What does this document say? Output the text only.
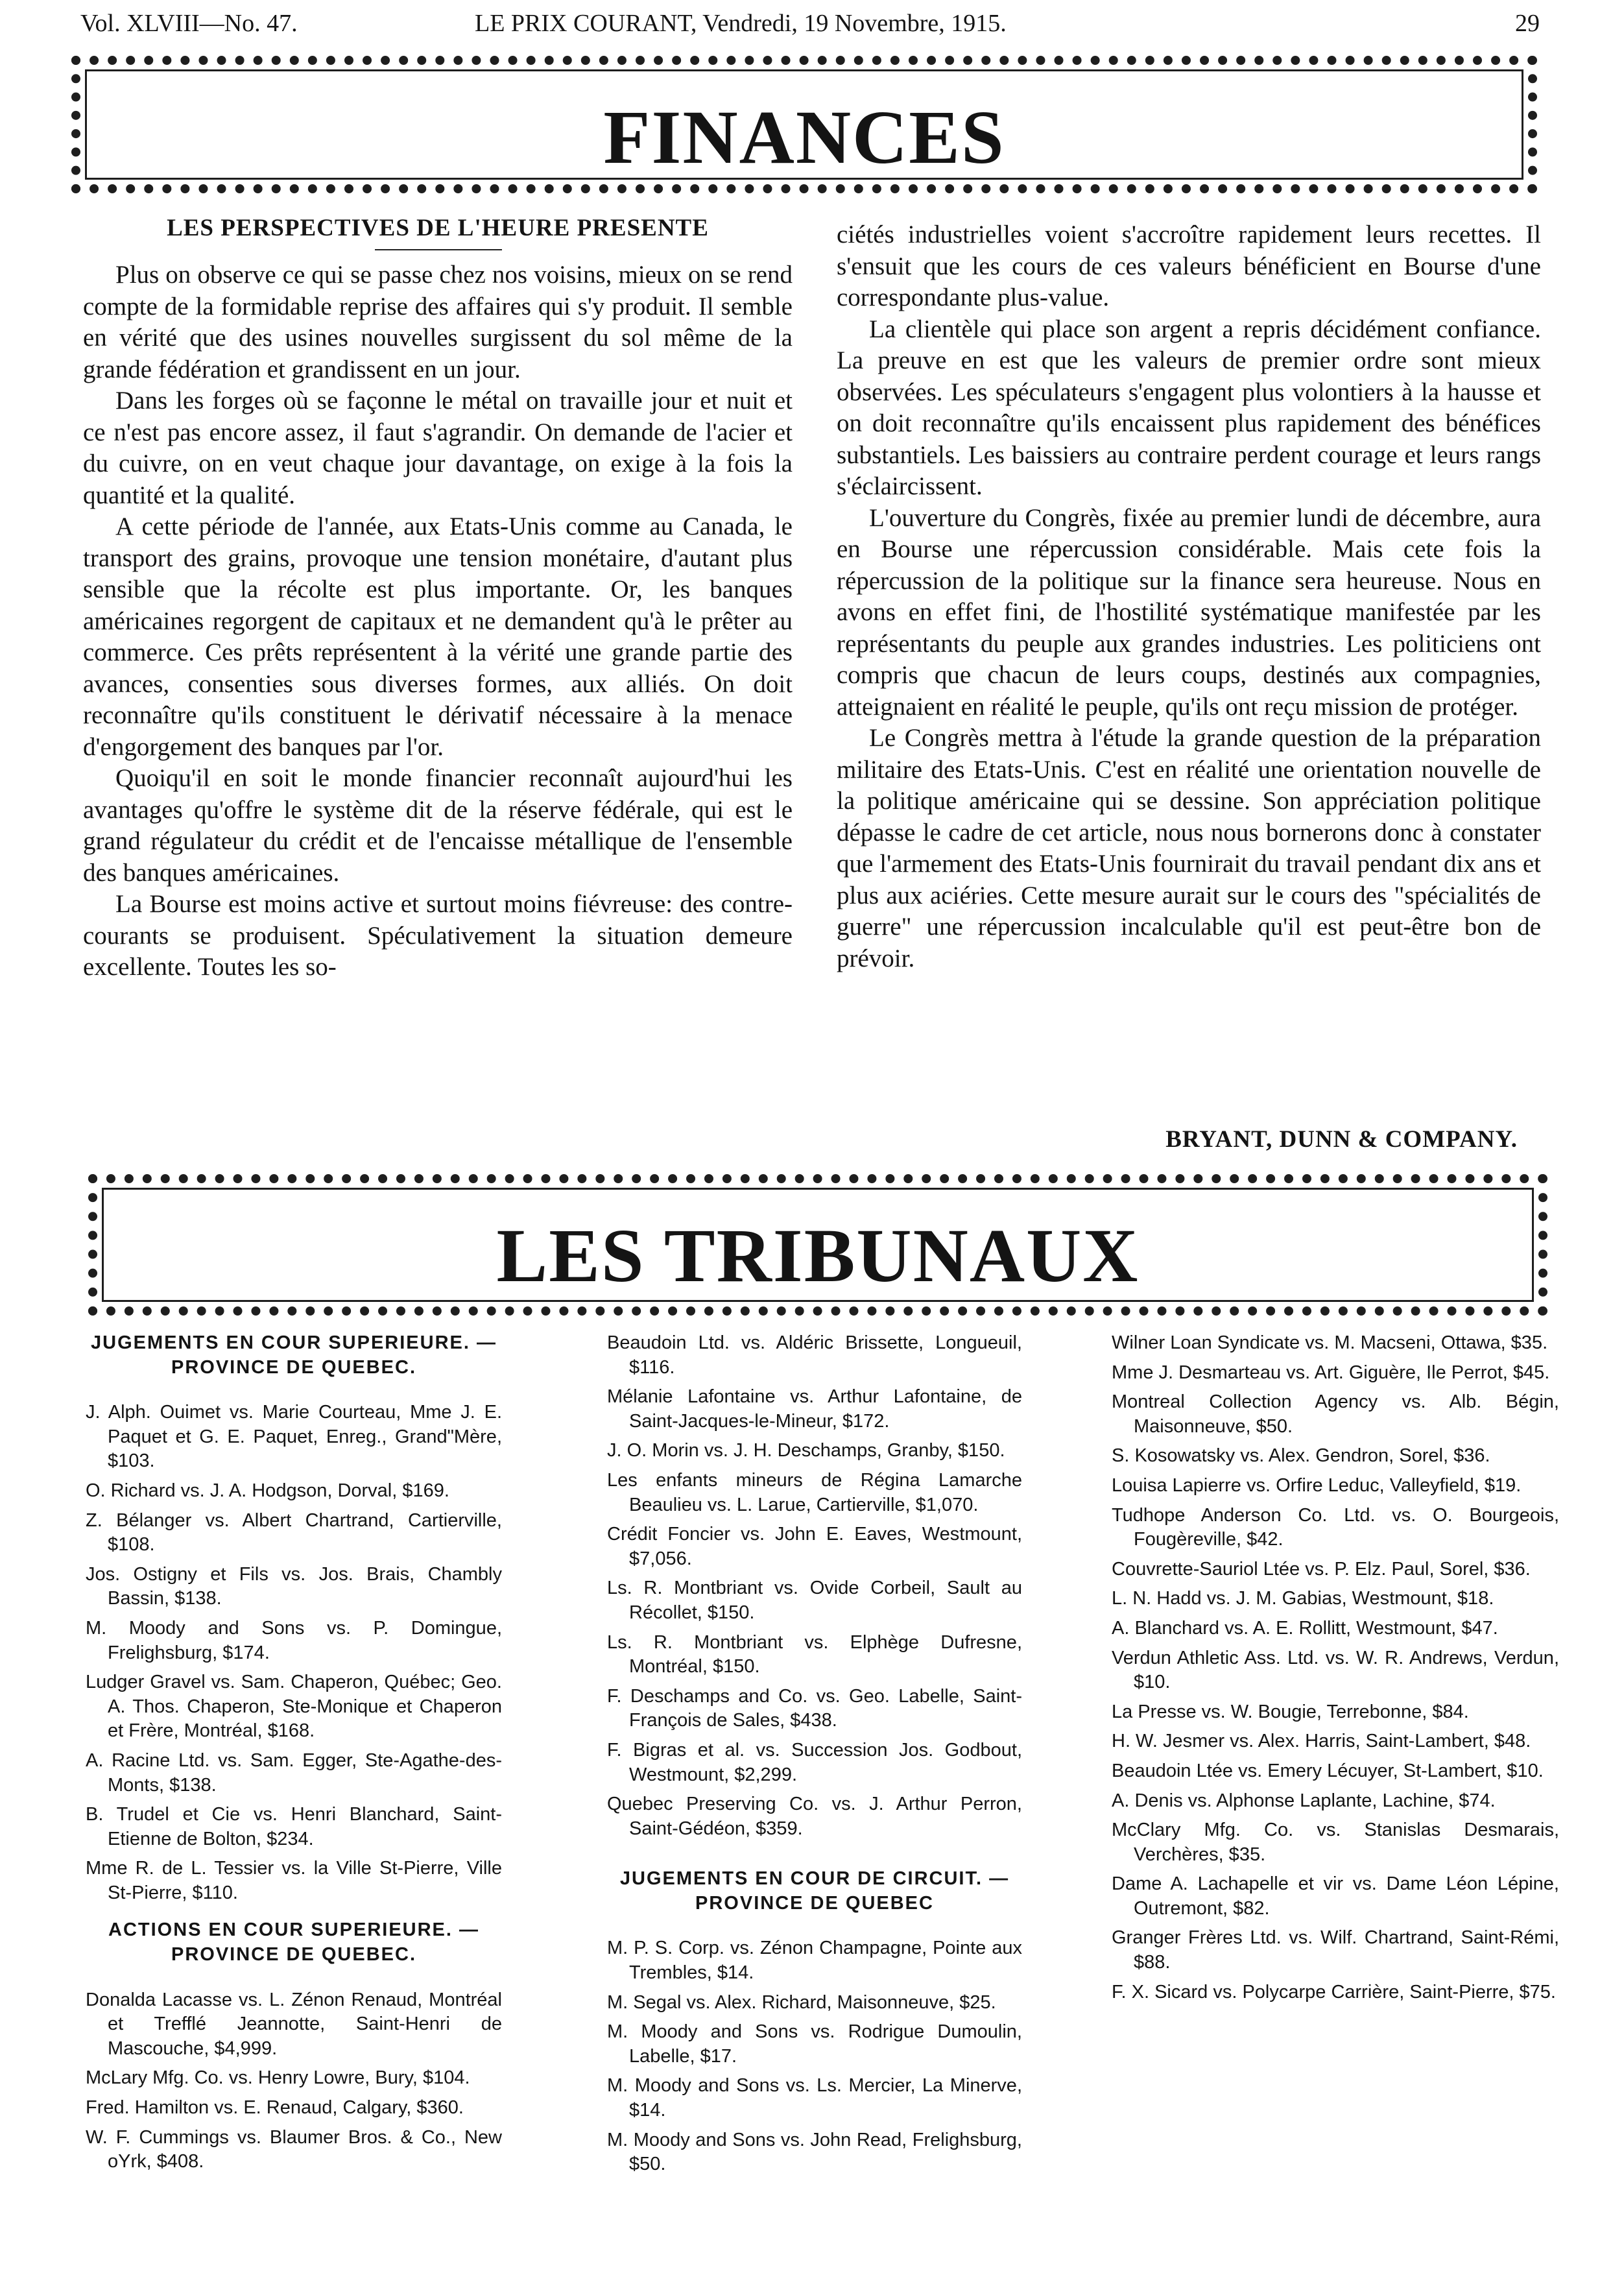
Vol. XLVIII—No. 47.	LE PRIX COURANT, Vendredi, 19 Novembre, 1915.	29
FINANCES
LES PERSPECTIVES DE L'HEURE PRESENTE

Plus on observe ce qui se passe chez nos voisins, mieux on se rend compte de la formidable reprise des affaires qui s'y produit. Il semble en vérité que des usines nouvelles surgissent du sol même de la grande fédération et grandissent en un jour.

Dans les forges où se façonne le métal on travaille jour et nuit et ce n'est pas encore assez, il faut s'agrandir. On demande de l'acier et du cuivre, on en veut chaque jour davantage, on exige à la fois la quantité et la qualité.

A cette période de l'année, aux Etats-Unis comme au Canada, le transport des grains, provoque une tension monétaire, d'autant plus sensible que la récolte est plus importante. Or, les banques américaines regorgent de capitaux et ne demandent qu'à le prêter au commerce. Ces prêts représentent à la vérité une grande partie des avances, consenties sous diverses formes, aux alliés. On doit reconnaître qu'ils constituent le dérivatif nécessaire à la menace d'engorgement des banques par l'or.

Quoiqu'il en soit le monde financier reconnaît aujourd'hui les avantages qu'offre le système dit de la réserve fédérale, qui est le grand régulateur du crédit et de l'encaisse métallique de l'ensemble des banques américaines.

La Bourse est moins active et surtout moins fiévreuse: des contre-courants se produisent. Spéculativement la situation demeure excellente. Toutes les so-

ciétés industrielles voient s'accroître rapidement leurs recettes. Il s'ensuit que les cours de ces valeurs bénéficient en Bourse d'une correspondante plus-value.

La clientèle qui place son argent a repris décidément confiance. La preuve en est que les valeurs de premier ordre sont mieux observées. Les spéculateurs s'engagent plus volontiers à la hausse et on doit reconnaître qu'ils encaissent plus rapidement des bénéfices substantiels. Les baissiers au contraire perdent courage et leurs rangs s'éclaircissent.

L'ouverture du Congrès, fixée au premier lundi de décembre, aura en Bourse une répercussion considérable. Mais cete fois la répercussion de la politique sur la finance sera heureuse. Nous en avons en effet fini, de l'hostilité systématique manifestée par les représentants du peuple aux grandes industries. Les politiciens ont compris que chacun de leurs coups, destinés aux compagnies, atteignaient en réalité le peuple, qu'ils ont reçu mission de protéger.

Le Congrès mettra à l'étude la grande question de la préparation militaire des Etats-Unis. C'est en réalité une orientation nouvelle de la politique américaine qui se dessine. Son appréciation politique dépasse le cadre de cet article, nous nous bornerons donc à constater que l'armement des Etats-Unis fournirait du travail pendant dix ans et plus aux aciéries. Cette mesure aurait sur le cours des "spécialités de guerre" une répercussion incalculable qu'il est peut-être bon de prévoir.

BRYANT, DUNN & COMPANY.
LES TRIBUNAUX
JUGEMENTS EN COUR SUPERIEURE. — PROVINCE DE QUEBEC.
J. Alph. Ouimet vs. Marie Courteau, Mme J. E. Paquet et G. E. Paquet, Enreg., Grand"Mère, $103.
O. Richard vs. J. A. Hodgson, Dorval, $169.
Z. Bélanger vs. Albert Chartrand, Cartierville, $108.
Jos. Ostigny et Fils vs. Jos. Brais, Chambly Bassin, $138.
M. Moody and Sons vs. P. Domingue, Frelighsburg, $174.
Ludger Gravel vs. Sam. Chaperon, Québec; Geo. A. Thos. Chaperon, Ste-Monique et Chaperon et Frère, Montréal, $168.
A. Racine Ltd. vs. Sam. Egger, Ste-Agathe-des-Monts, $138.
B. Trudel et Cie vs. Henri Blanchard, Saint-Etienne de Bolton, $234.
Mme R. de L. Tessier vs. la Ville St-Pierre, Ville St-Pierre, $110.
ACTIONS EN COUR SUPERIEURE. — PROVINCE DE QUEBEC.
Donalda Lacasse vs. L. Zénon Renaud, Montréal et Trefflé Jeannotte, Saint-Henri de Mascouche, $4,999.
McLary Mfg. Co. vs. Henry Lowre, Bury, $104.
Fred. Hamilton vs. E. Renaud, Calgary, $360.
W. F. Cummings vs. Blaumer Bros. & Co., New oYrk, $408.
Beaudoin Ltd. vs. Aldéric Brissette, Longueuil, $116.
Mélanie Lafontaine vs. Arthur Lafontaine, de Saint-Jacques-le-Mineur, $172.
J. O. Morin vs. J. H. Deschamps, Granby, $150.
Les enfants mineurs de Régina Lamarche Beaulieu vs. L. Larue, Cartierville, $1,070.
Crédit Foncier vs. John E. Eaves, Westmount, $7,056.
Ls. R. Montbriant vs. Ovide Corbeil, Sault au Récollet, $150.
Ls. R. Montbriant vs. Elphège Dufresne, Montréal, $150.
F. Deschamps and Co. vs. Geo. Labelle, Saint-François de Sales, $438.
F. Bigras et al. vs. Succession Jos. Godbout, Westmount, $2,299.
Quebec Preserving Co. vs. J. Arthur Perron, Saint-Gédéon, $359.
JUGEMENTS EN COUR DE CIRCUIT. — PROVINCE DE QUEBEC
M. P. S. Corp. vs. Zénon Champagne, Pointe aux Trembles, $14.
M. Segal vs. Alex. Richard, Maisonneuve, $25.
M. Moody and Sons vs. Rodrigue Dumoulin, Labelle, $17.
M. Moody and Sons vs. Ls. Mercier, La Minerve, $14.
M. Moody and Sons vs. John Read, Frelighsburg, $50.
Wilner Loan Syndicate vs. M. Macseni, Ottawa, $35.
Mme J. Desmarteau vs. Art. Giguère, Ile Perrot, $45.
Montreal Collection Agency vs. Alb. Bégin, Maisonneuve, $50.
S. Kosowatsky vs. Alex. Gendron, Sorel, $36.
Louisa Lapierre vs. Orfire Leduc, Valleyfield, $19.
Tudhope Anderson Co. Ltd. vs. O. Bourgeois, Fougèreville, $42.
Couvrette-Sauriol Ltée vs. P. Elz. Paul, Sorel, $36.
L. N. Hadd vs. J. M. Gabias, Westmount, $18.
A. Blanchard vs. A. E. Rollitt, Westmount, $47.
Verdun Athletic Ass. Ltd. vs. W. R. Andrews, Verdun, $10.
La Presse vs. W. Bougie, Terrebonne, $84.
H. W. Jesmer vs. Alex. Harris, Saint-Lambert, $48.
Beaudoin Ltée vs. Emery Lécuyer, St-Lambert, $10.
A. Denis vs. Alphonse Laplante, Lachine, $74.
McClary Mfg. Co. vs. Stanislas Desmarais, Verchères, $35.
Dame A. Lachapelle et vir vs. Dame Léon Lépine, Outremont, $82.
Granger Frères Ltd. vs. Wilf. Chartrand, Saint-Rémi, $88.
F. X. Sicard vs. Polycarpe Carrière, Saint-Pierre, $75.
